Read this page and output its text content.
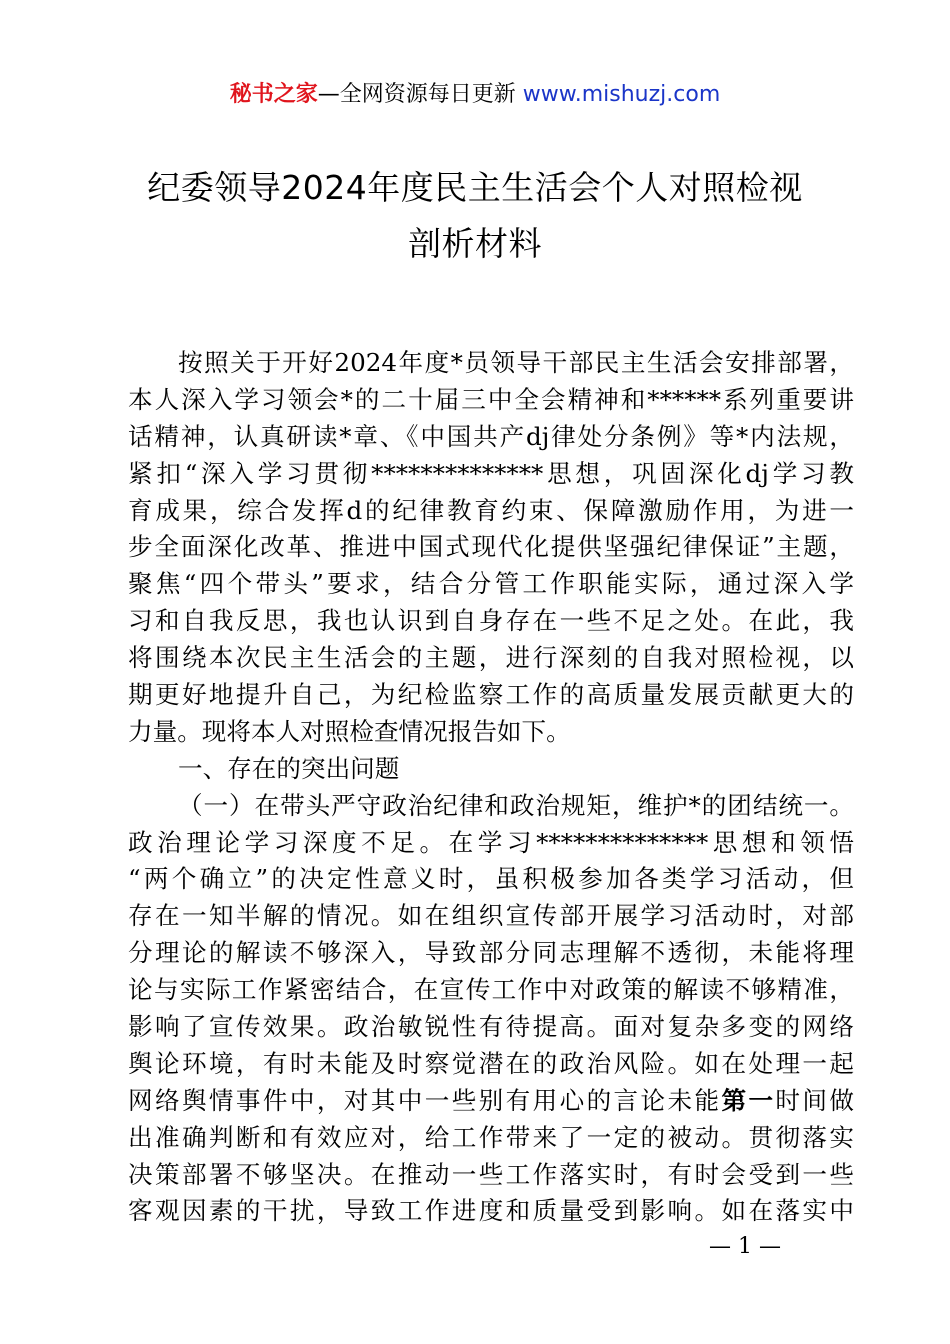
秘书之家—全网资源每日更新 www.mishuzj.com
纪委领导2024年度民主生活会个人对照检视
剖析材料
按照关于开好2024年度*员领导干部民主生活会安排部署，
本人深入学习领会*的二十届三中全会精神和******系列重要讲
话精神，认真研读*章、《中国共产dj律处分条例》等*内法规，
紧扣“深入学习贯彻**************思想，巩固深化dj学习教
育成果，综合发挥d的纪律教育约束、保障激励作用，为进一
步全面深化改革、推进中国式现代化提供坚强纪律保证”主题，
聚焦“四个带头”要求，结合分管工作职能实际，通过深入学
习和自我反思，我也认识到自身存在一些不足之处。在此，我
将围绕本次民主生活会的主题，进行深刻的自我对照检视，以
期更好地提升自己，为纪检监察工作的高质量发展贡献更大的
力量。现将本人对照检查情况报告如下。
一、存在的突出问题
（一）在带头严守政治纪律和政治规矩，维护*的团结统一。
政治理论学习深度不足。在学习**************思想和领悟
“两个确立”的决定性意义时，虽积极参加各类学习活动，但
存在一知半解的情况。如在组织宣传部开展学习活动时，对部
分理论的解读不够深入，导致部分同志理解不透彻，未能将理
论与实际工作紧密结合，在宣传工作中对政策的解读不够精准，
影响了宣传效果。政治敏锐性有待提高。面对复杂多变的网络
舆论环境，有时未能及时察觉潜在的政治风险。如在处理一起
网络舆情事件中，对其中一些别有用心的言论未能第一时间做
出准确判断和有效应对，给工作带来了一定的被动。贯彻落实
决策部署不够坚决。在推动一些工作落实时，有时会受到一些
客观因素的干扰，导致工作进度和质量受到影响。如在落实中
— 1 —
